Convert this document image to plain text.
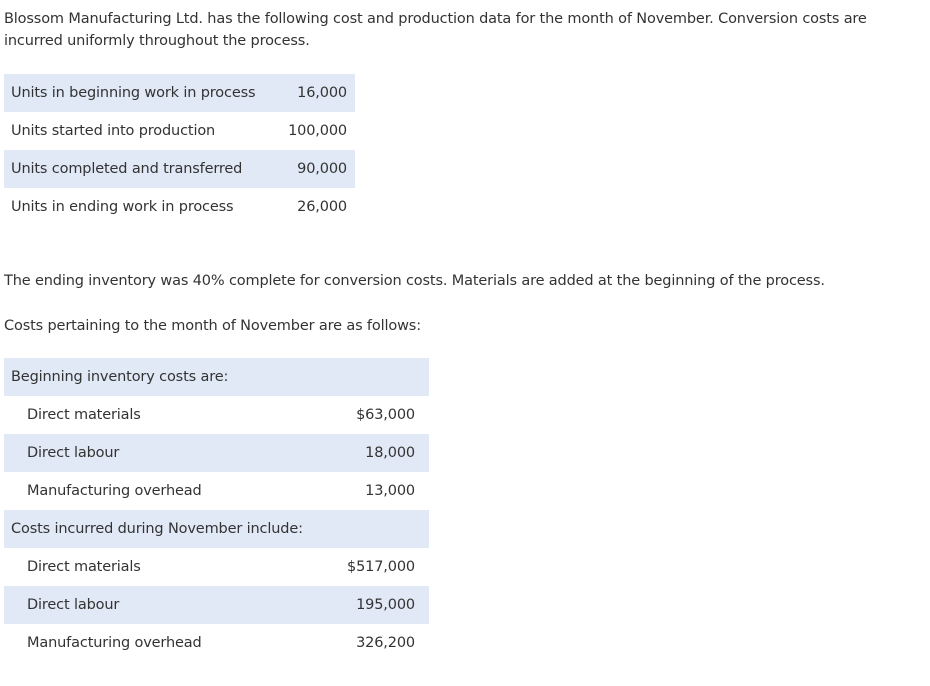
Blossom Manufacturing Ltd. has the following cost and production data for the month of November. Conversion costs are incurred uniformly throughout the process.

Units in beginning work in process	16,000
Units started into production	100,000
Units completed and transferred	90,000
Units in ending work in process	26,000

The ending inventory was 40% complete for conversion costs. Materials are added at the beginning of the process.

Costs pertaining to the month of November are as follows:

Beginning inventory costs are:	
Direct materials	$63,000
Direct labour	18,000
Manufacturing overhead	13,000
Costs incurred during November include:	
Direct materials	$517,000
Direct labour	195,000
Manufacturing overhead	326,200
